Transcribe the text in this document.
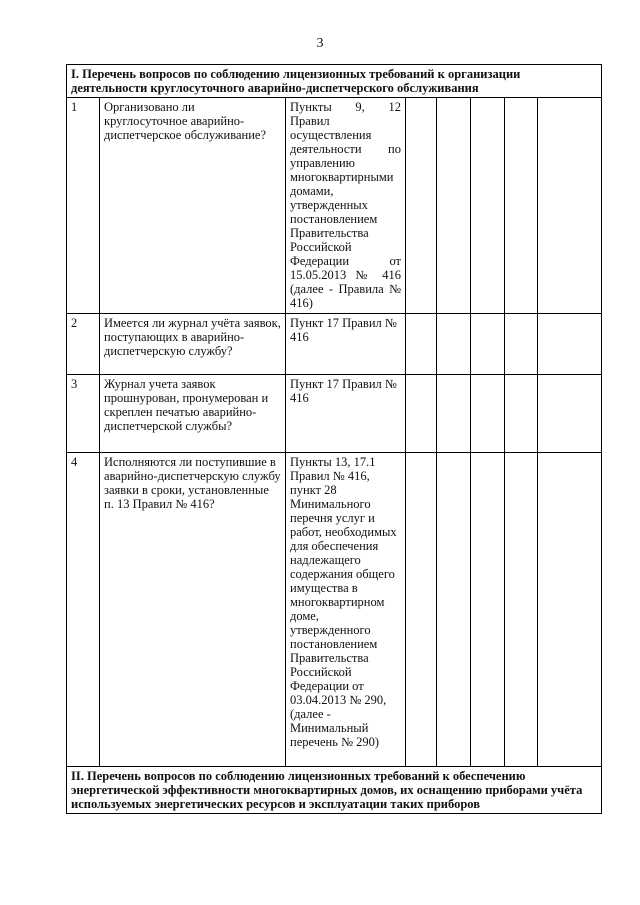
3
I. Перечень вопросов по соблюдению лицензионных требований к организации деятельности круглосуточного аварийно-диспетчерского обслуживания							
1	Организовано ли круглосуточное аварийно-диспетчерское обслуживание?	Пункты 9, 12 Правил осуществления деятельности по управлению многоквартирными домами, утвержденных постановлением Правительства Российской Федерации от 15.05.2013 № 416 (далее - Правила № 416)					
2	Имеется ли журнал учёта заявок, поступающих в аварийно-диспетчерскую службу?	Пункт 17 Правил № 416					
3	Журнал учета заявок прошнурован, пронумерован и скреплен печатью аварийно-диспетчерской службы?	Пункт 17 Правил № 416					
4	Исполняются ли поступившие в аварийно-диспетчерскую службу заявки в сроки, установленные п. 13 Правил № 416?	Пункты 13, 17.1 Правил № 416, пункт 28 Минимального перечня услуг и работ, необходимых для обеспечения надлежащего содержания общего имущества в многоквартирном доме, утвержденного постановлением Правительства Российской Федерации от 03.04.2013 № 290, (далее - Минимальный перечень № 290)					
II. Перечень вопросов по соблюдению лицензионных требований к обеспечению энергетической эффективности многоквартирных домов, их оснащению приборами учёта используемых энергетических ресурсов и эксплуатации таких приборов							
